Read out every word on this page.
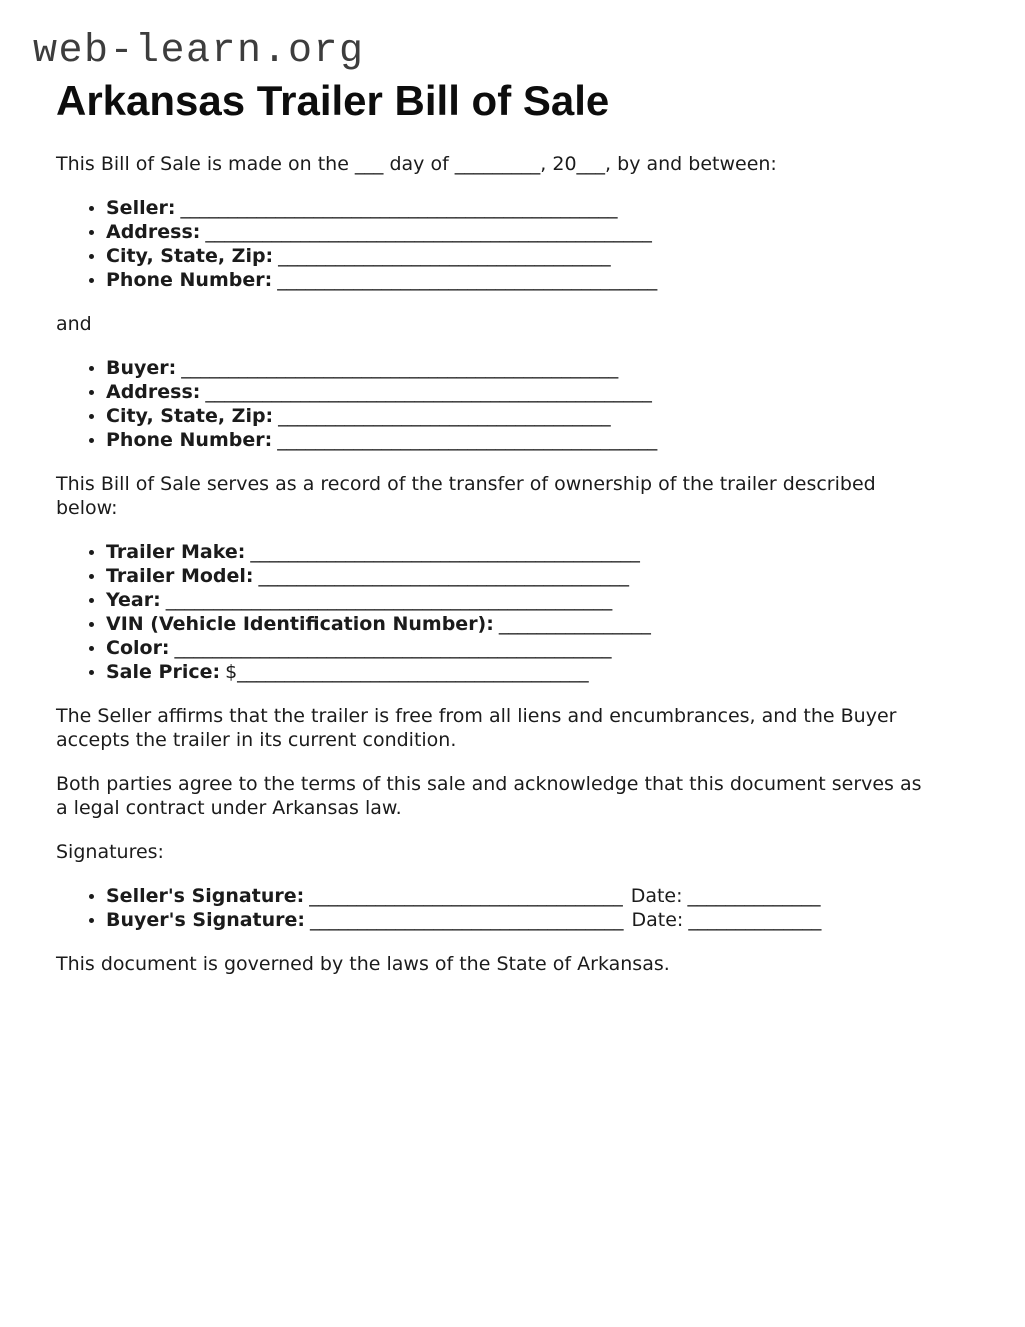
web-learn.org
Arkansas Trailer Bill of Sale

This Bill of Sale is made on the ___ day of _________, 20___, by and between:

• Seller: ______________________________________________
• Address: _______________________________________________
• City, State, Zip: ___________________________________
• Phone Number: ________________________________________

and

• Buyer: ______________________________________________
• Address: _______________________________________________
• City, State, Zip: ___________________________________
• Phone Number: ________________________________________

This Bill of Sale serves as a record of the transfer of ownership of the trailer described
below:

• Trailer Make: _________________________________________
• Trailer Model: _______________________________________
• Year: _______________________________________________
• VIN (Vehicle Identification Number): ________________
• Color: ______________________________________________
• Sale Price: $_____________________________________

The Seller affirms that the trailer is free from all liens and encumbrances, and the Buyer
accepts the trailer in its current condition.

Both parties agree to the terms of this sale and acknowledge that this document serves as
a legal contract under Arkansas law.

Signatures:

• Seller's Signature: _________________________________ Date: ______________
• Buyer's Signature: _________________________________ Date: ______________

This document is governed by the laws of the State of Arkansas.
